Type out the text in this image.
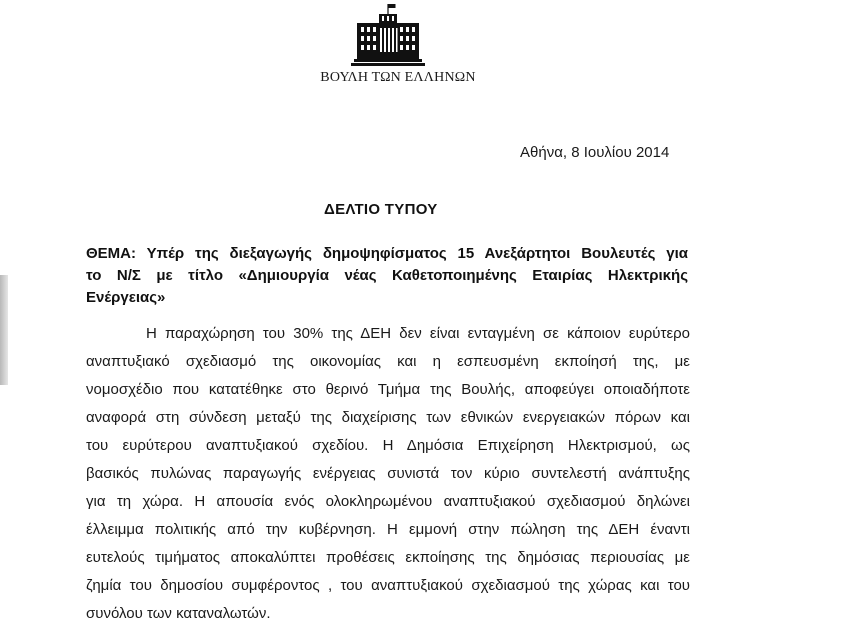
ΒΟΥΛΗ ΤΩΝ ΕΛΛΗΝΩΝ
Αθήνα, 8 Ιουλίου 2014
ΔΕΛΤΙΟ ΤΥΠΟΥ
ΘΕΜΑ: Υπέρ της διεξαγωγής δημοψηφίσματος 15 Ανεξάρτητοι Βουλευτές για
το Ν/Σ με τίτλο «Δημιουργία νέας Καθετοποιημένης Εταιρίας Ηλεκτρικής
Ενέργειας»
Η παραχώρηση του 30% της ΔΕΗ δεν είναι ενταγμένη σε κάποιον ευρύτερο
αναπτυξιακό σχεδιασμό της οικονομίας και η εσπευσμένη εκποίησή της, με
νομοσχέδιο που κατατέθηκε στο θερινό Τμήμα της Βουλής, αποφεύγει οποιαδήποτε
αναφορά στη σύνδεση μεταξύ της διαχείρισης των εθνικών ενεργειακών πόρων και
του ευρύτερου αναπτυξιακού σχεδίου. Η Δημόσια Επιχείρηση Ηλεκτρισμού, ως
βασικός πυλώνας παραγωγής ενέργειας συνιστά τον κύριο συντελεστή ανάπτυξης
για τη χώρα. Η απουσία ενός ολοκληρωμένου αναπτυξιακού σχεδιασμού δηλώνει
έλλειμμα πολιτικής από την κυβέρνηση. Η εμμονή στην πώληση της ΔΕΗ έναντι
ευτελούς τιμήματος αποκαλύπτει προθέσεις εκποίησης της δημόσιας περιουσίας με
ζημία του δημοσίου συμφέροντος , του αναπτυξιακού σχεδιασμού της χώρας και του
συνόλου των καταναλωτών.
